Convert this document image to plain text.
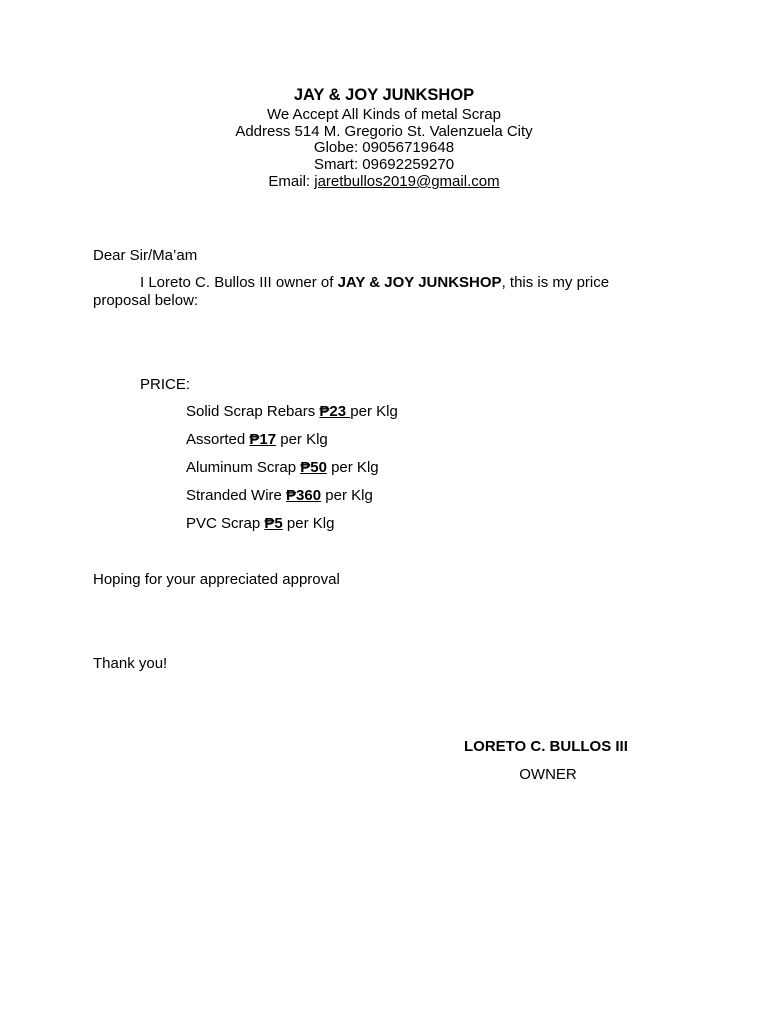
JAY & JOY JUNKSHOP
We Accept All Kinds of metal Scrap
Address 514 M. Gregorio St. Valenzuela City
Globe: 09056719648
Smart: 09692259270
Email: jaretbullos2019@gmail.com
Dear Sir/Ma’am
I Loreto C. Bullos III owner of JAY & JOY JUNKSHOP, this is my price
proposal below:
PRICE:
Solid Scrap Rebars ₱23 per Klg
Assorted ₱17 per Klg
Aluminum Scrap ₱50 per Klg
Stranded Wire ₱360 per Klg
PVC Scrap ₱5 per Klg
Hoping for your appreciated approval
Thank you!
LORETO C. BULLOS III
OWNER
